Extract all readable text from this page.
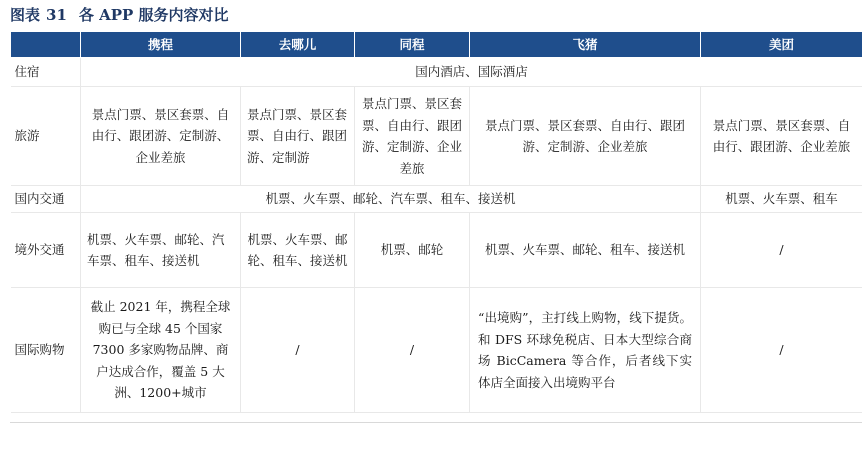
图表 31 各 APP 服务内容对比
	携程	去哪儿	同程	飞猪	美团
住宿	国内酒店、国际酒店				
旅游	景点门票、景区套票、自由行、跟团游、定制游、企业差旅	景点门票、景区套票、自由行、跟团游、定制游	景点门票、景区套票、自由行、跟团游、定制游、企业差旅	景点门票、景区套票、自由行、跟团游、定制游、企业差旅	景点门票、景区套票、自由行、跟团游、企业差旅
国内交通	机票、火车票、邮轮、汽车票、租车、接送机				机票、火车票、租车
境外交通	机票、火车票、邮轮、汽车票、租车、接送机	机票、火车票、邮轮、租车、接送机	机票、邮轮	机票、火车票、邮轮、租车、接送机	/
国际购物	截止 2021 年，携程全球购已与全球 45 个国家 7300 多家购物品牌、商户达成合作，覆盖 5 大洲、1200+城市	/	/	“出境购”，主打线上购物，线下提货。和 DFS 环球免税店、日本大型综合商场 BicCamera 等合作，后者线下实体店全面接入出境购平台	/
